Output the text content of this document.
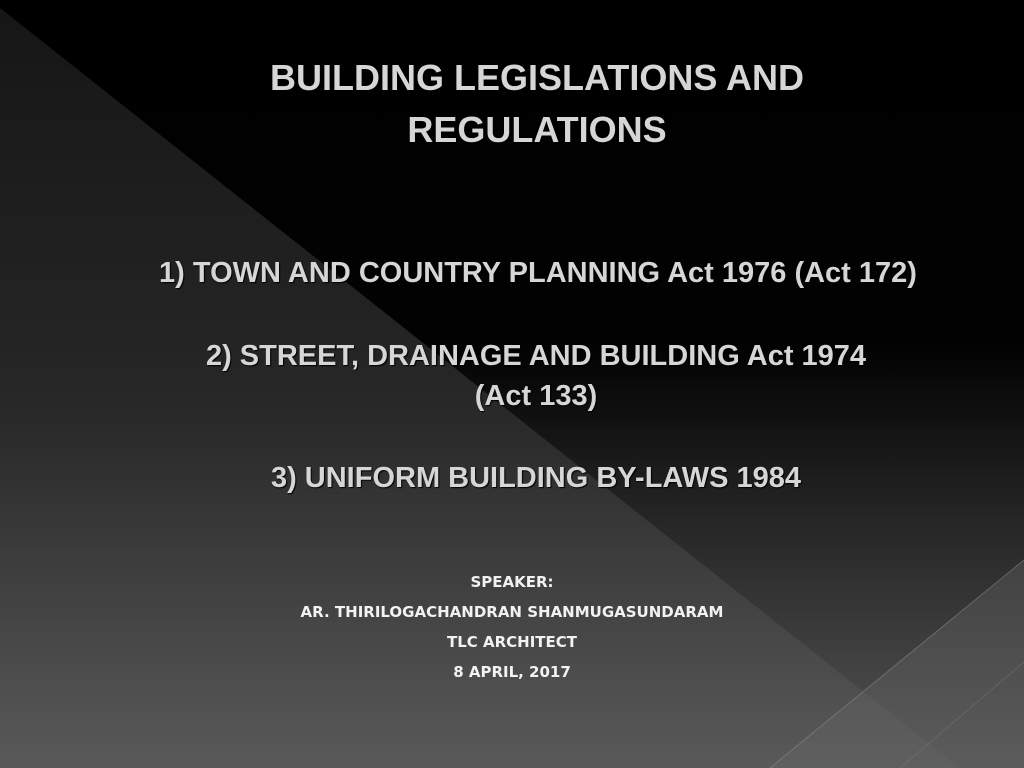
BUILDING LEGISLATIONS AND
REGULATIONS
1) TOWN AND COUNTRY PLANNING Act 1976 (Act 172)
2) STREET, DRAINAGE AND BUILDING Act 1974
(Act 133)
3) UNIFORM BUILDING BY-LAWS 1984
SPEAKER:
AR. THIRILOGACHANDRAN SHANMUGASUNDARAM
TLC ARCHITECT
8 APRIL, 2017
